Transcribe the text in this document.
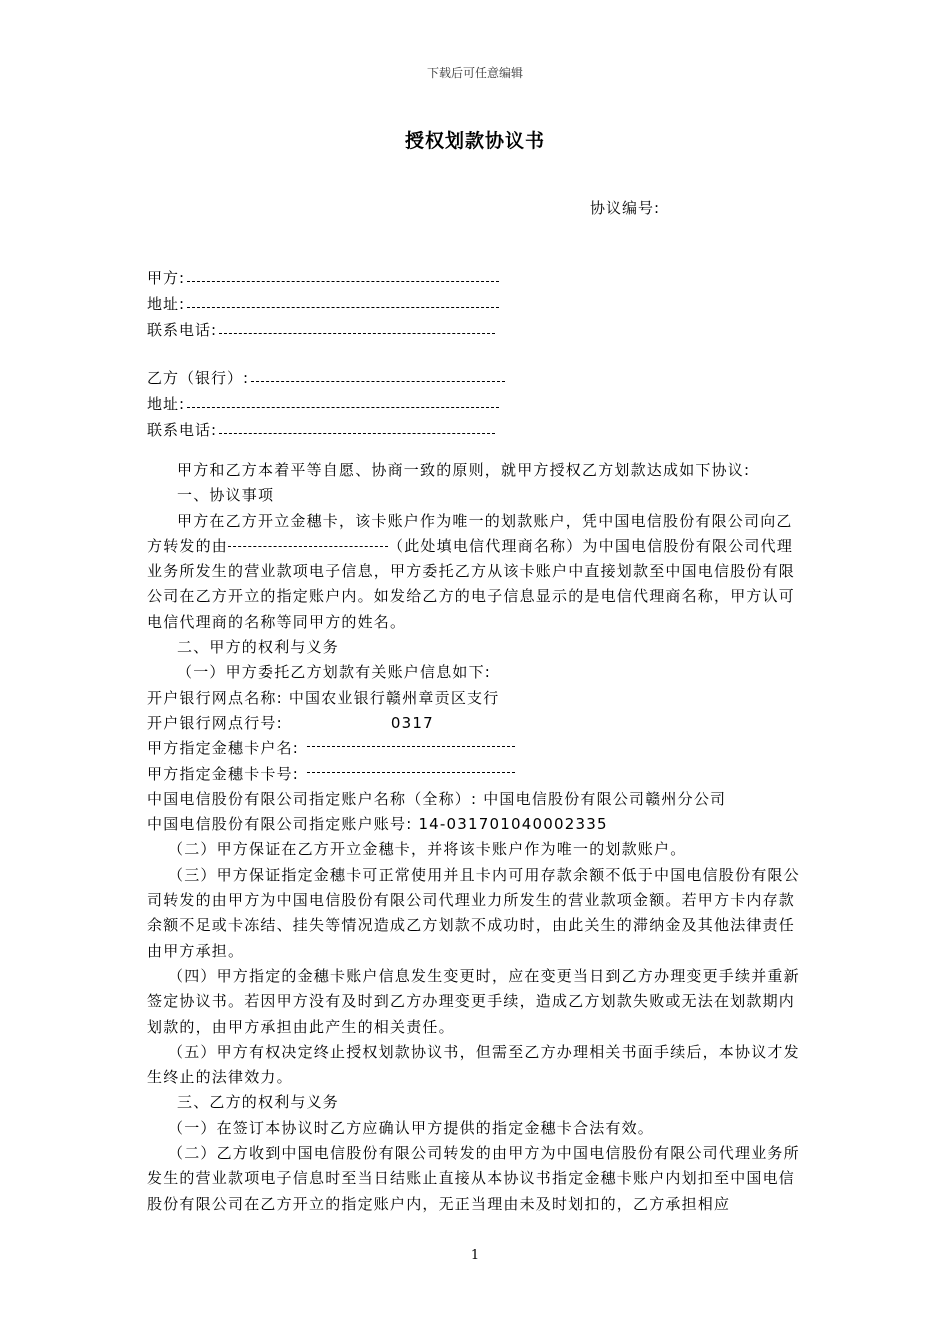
下载后可任意编辑
授权划款协议书
协议编号:
甲方:
地址:
联系电话:
乙方（银行）:
地址:
联系电话:

甲方和乙方本着平等自愿、协商一致的原则，就甲方授权乙方划款达成如下协议:

一、协议事项

甲方在乙方开立金穗卡，该卡账户作为唯一的划款账户，凭中国电信股份有限公司向乙方转发的由	（此处填电信代理商名称）为中国电信股份有限公司代理业务所发生的营业款项电子信息，甲方委托乙方从该卡账户中直接划款至中国电信股份有限公司在乙方开立的指定账户内。如发给乙方的电子信息显示的是电信代理商名称，甲方认可电信代理商的名称等同甲方的姓名。

二、甲方的权利与义务

（一）甲方委托乙方划款有关账户信息如下:

开户银行网点名称: 中国农业银行赣州章贡区支行

开户银行网点行号:	0317

甲方指定金穗卡户名:

甲方指定金穗卡卡号:

中国电信股份有限公司指定账户名称（全称）: 中国电信股份有限公司赣州分公司

中国电信股份有限公司指定账户账号: 14-031701040002335

（二）甲方保证在乙方开立金穗卡，并将该卡账户作为唯一的划款账户。

（三）甲方保证指定金穗卡可正常使用并且卡内可用存款余额不低于中国电信股份有限公司转发的由甲方为中国电信股份有限公司代理业力所发生的营业款项金额。若甲方卡内存款余额不足或卡冻结、挂失等情况造成乙方划款不成功时，由此关生的滞纳金及其他法律责任由甲方承担。

（四）甲方指定的金穗卡账户信息发生变更时，应在变更当日到乙方办理变更手续并重新签定协议书。若因甲方没有及时到乙方办理变更手续，造成乙方划款失败或无法在划款期内划款的，由甲方承担由此产生的相关责任。

（五）甲方有权决定终止授权划款协议书，但需至乙方办理相关书面手续后，本协议才发生终止的法律效力。

三、乙方的权利与义务

（一）在签订本协议时乙方应确认甲方提供的指定金穗卡合法有效。

（二）乙方收到中国电信股份有限公司转发的由甲方为中国电信股份有限公司代理业务所发生的营业款项电子信息时至当日结账止直接从本协议书指定金穗卡账户内划扣至中国电信股份有限公司在乙方开立的指定账户内，无正当理由未及时划扣的，乙方承担相应

1
